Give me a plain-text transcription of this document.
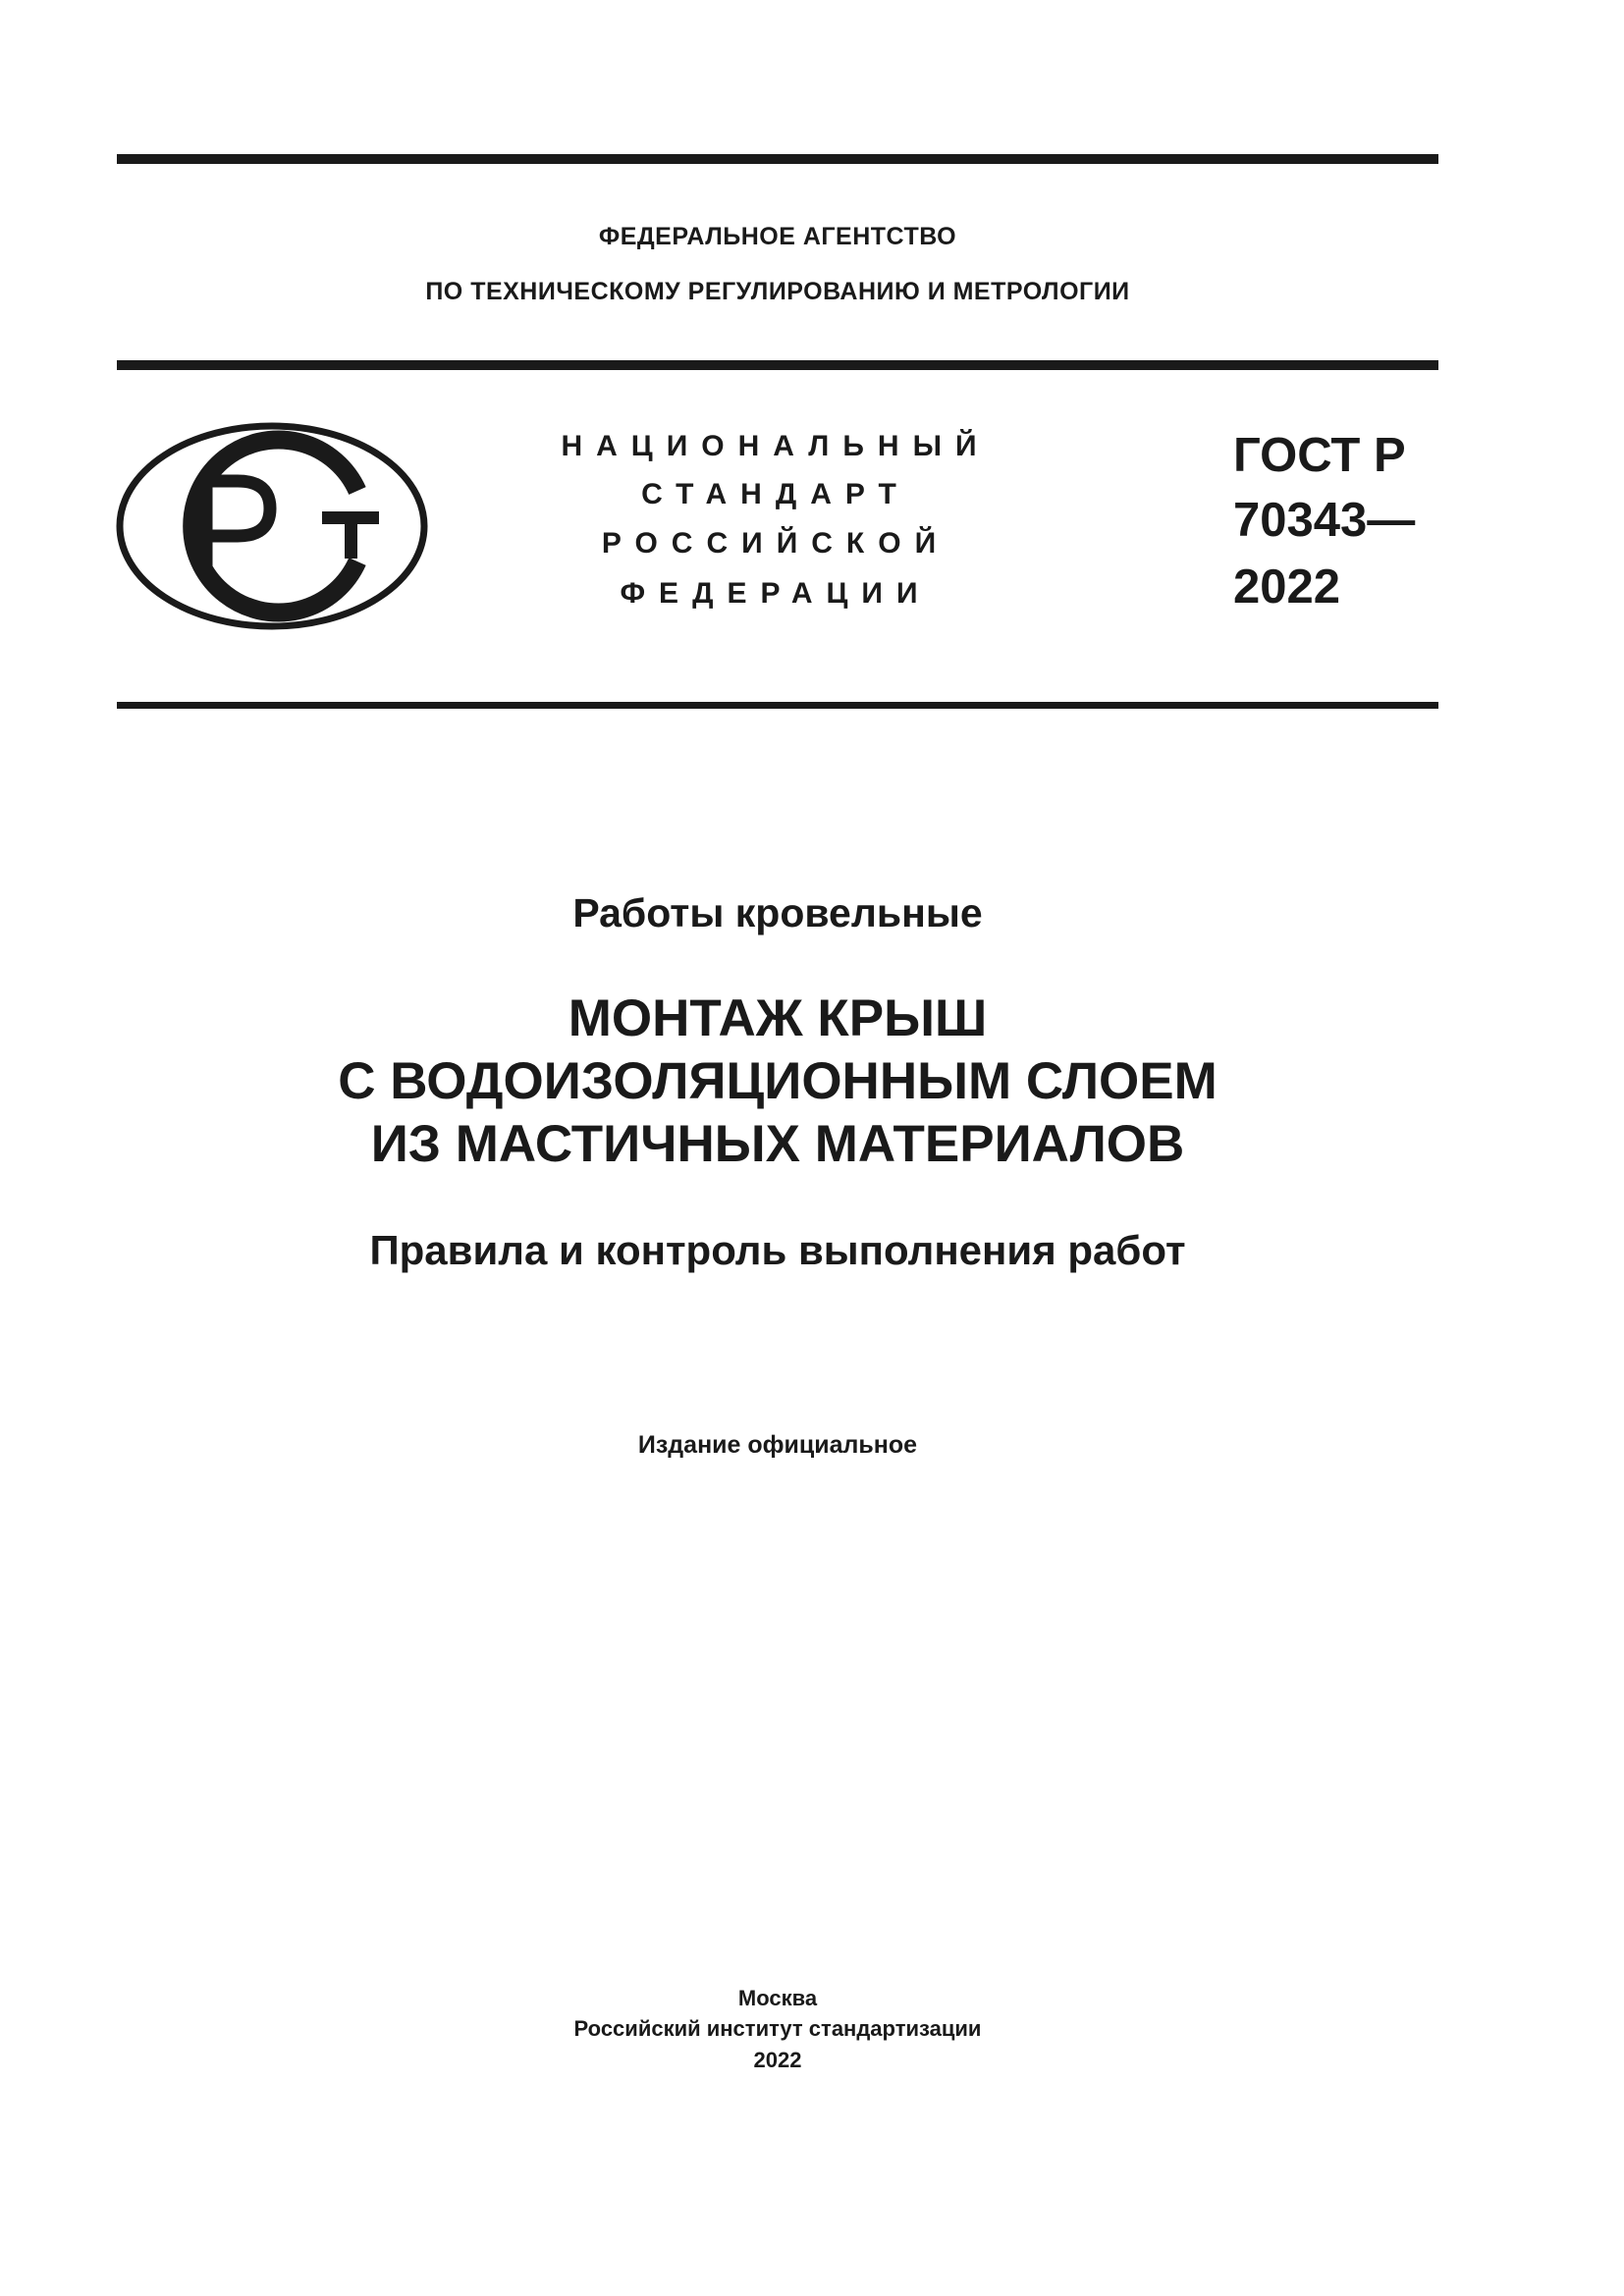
ФЕДЕРАЛЬНОЕ АГЕНТСТВО
ПО ТЕХНИЧЕСКОМУ РЕГУЛИРОВАНИЮ И МЕТРОЛОГИИ
НАЦИОНАЛЬНЫЙ
СТАНДАРТ
РОССИЙСКОЙ
ФЕДЕРАЦИИ
ГОСТ Р
70343—
2022
Работы кровельные
МОНТАЖ КРЫШ
С ВОДОИЗОЛЯЦИОННЫМ СЛОЕМ
ИЗ МАСТИЧНЫХ МАТЕРИАЛОВ
Правила и контроль выполнения работ
Издание официальное
Москва
Российский институт стандартизации
2022
